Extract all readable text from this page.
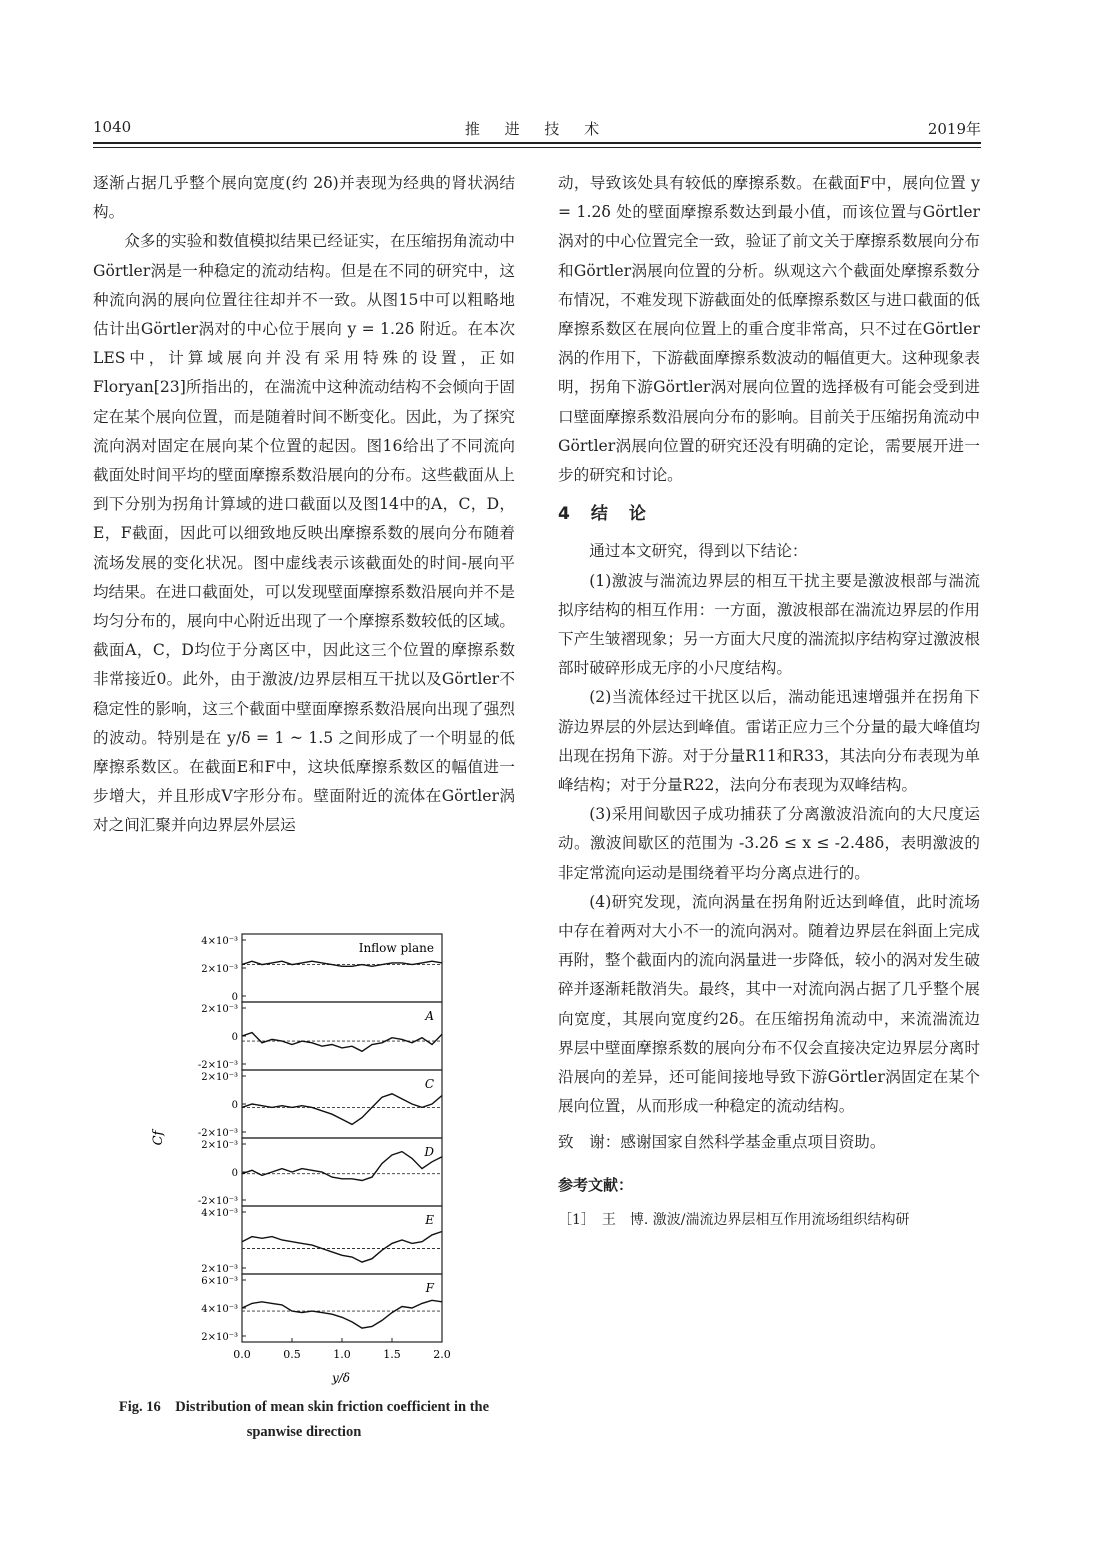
1040	推 进 技 术	2019年

逐渐占据几乎整个展向宽度(约 2δ)并表现为经典的肾状涡结构。

众多的实验和数值模拟结果已经证实，在压缩拐角流动中Görtler涡是一种稳定的流动结构。但是在不同的研究中，这种流向涡的展向位置往往却并不一致。从图15中可以粗略地估计出Görtler涡对的中心位于展向 y = 1.2δ 附近。在本次LES中，计算域展向并没有采用特殊的设置，正如Floryan[23]所指出的，在湍流中这种流动结构不会倾向于固定在某个展向位置，而是随着时间不断变化。因此，为了探究流向涡对固定在展向某个位置的起因。图16给出了不同流向截面处时间平均的壁面摩擦系数沿展向的分布。这些截面从上到下分别为拐角计算域的进口截面以及图14中的A，C，D，E，F截面，因此可以细致地反映出摩擦系数的展向分布随着流场发展的变化状况。图中虚线表示该截面处的时间-展向平均结果。在进口截面处，可以发现壁面摩擦系数沿展向并不是均匀分布的，展向中心附近出现了一个摩擦系数较低的区域。截面A，C，D均位于分离区中，因此这三个位置的摩擦系数非常接近0。此外，由于激波/边界层相互干扰以及Görtler不稳定性的影响，这三个截面中壁面摩擦系数沿展向出现了强烈的波动。特别是在 y/δ = 1 ~ 1.5 之间形成了一个明显的低摩擦系数区。在截面E和F中，这块低摩擦系数区的幅值进一步增大，并且形成V字形分布。壁面附近的流体在Görtler涡对之间汇聚并向边界层外层运

Cf
y/δ
4×10⁻³
2×10⁻³
0
Inflow plane
2×10⁻³
0
-2×10⁻³
A
2×10⁻³
0
-2×10⁻³
C
2×10⁻³
0
-2×10⁻³
D
4×10⁻³
2×10⁻³
E
6×10⁻³
4×10⁻³
2×10⁻³
F
0.0	0.5	1.0	1.5	2.0
Fig. 16　Distribution of mean skin friction coefficient in the spanwise direction

动，导致该处具有较低的摩擦系数。在截面F中，展向位置 y = 1.2δ 处的壁面摩擦系数达到最小值，而该位置与Görtler涡对的中心位置完全一致，验证了前文关于摩擦系数展向分布和Görtler涡展向位置的分析。纵观这六个截面处摩擦系数分布情况，不难发现下游截面处的低摩擦系数区与进口截面的低摩擦系数区在展向位置上的重合度非常高，只不过在Görtler涡的作用下，下游截面摩擦系数波动的幅值更大。这种现象表明，拐角下游Görtler涡对展向位置的选择极有可能会受到进口壁面摩擦系数沿展向分布的影响。目前关于压缩拐角流动中Görtler涡展向位置的研究还没有明确的定论，需要展开进一步的研究和讨论。

4　结　论

通过本文研究，得到以下结论：

(1)激波与湍流边界层的相互干扰主要是激波根部与湍流拟序结构的相互作用：一方面，激波根部在湍流边界层的作用下产生皱褶现象；另一方面大尺度的湍流拟序结构穿过激波根部时破碎形成无序的小尺度结构。

(2)当流体经过干扰区以后，湍动能迅速增强并在拐角下游边界层的外层达到峰值。雷诺正应力三个分量的最大峰值均出现在拐角下游。对于分量R11和R33，其法向分布表现为单峰结构；对于分量R22，法向分布表现为双峰结构。

(3)采用间歇因子成功捕获了分离激波沿流向的大尺度运动。激波间歇区的范围为 -3.2δ ≤ x ≤ -2.48δ，表明激波的非定常流向运动是围绕着平均分离点进行的。

(4)研究发现，流向涡量在拐角附近达到峰值，此时流场中存在着两对大小不一的流向涡对。随着边界层在斜面上完成再附，整个截面内的流向涡量进一步降低，较小的涡对发生破碎并逐渐耗散消失。最终，其中一对流向涡占据了几乎整个展向宽度，其展向宽度约2δ。在压缩拐角流动中，来流湍流边界层中壁面摩擦系数的展向分布不仅会直接决定边界层分离时沿展向的差异，还可能间接地导致下游Görtler涡固定在某个展向位置，从而形成一种稳定的流动结构。

致　谢：感谢国家自然科学基金重点项目资助。

参考文献：

［1］　王　博. 激波/湍流边界层相互作用流场组织结构研
